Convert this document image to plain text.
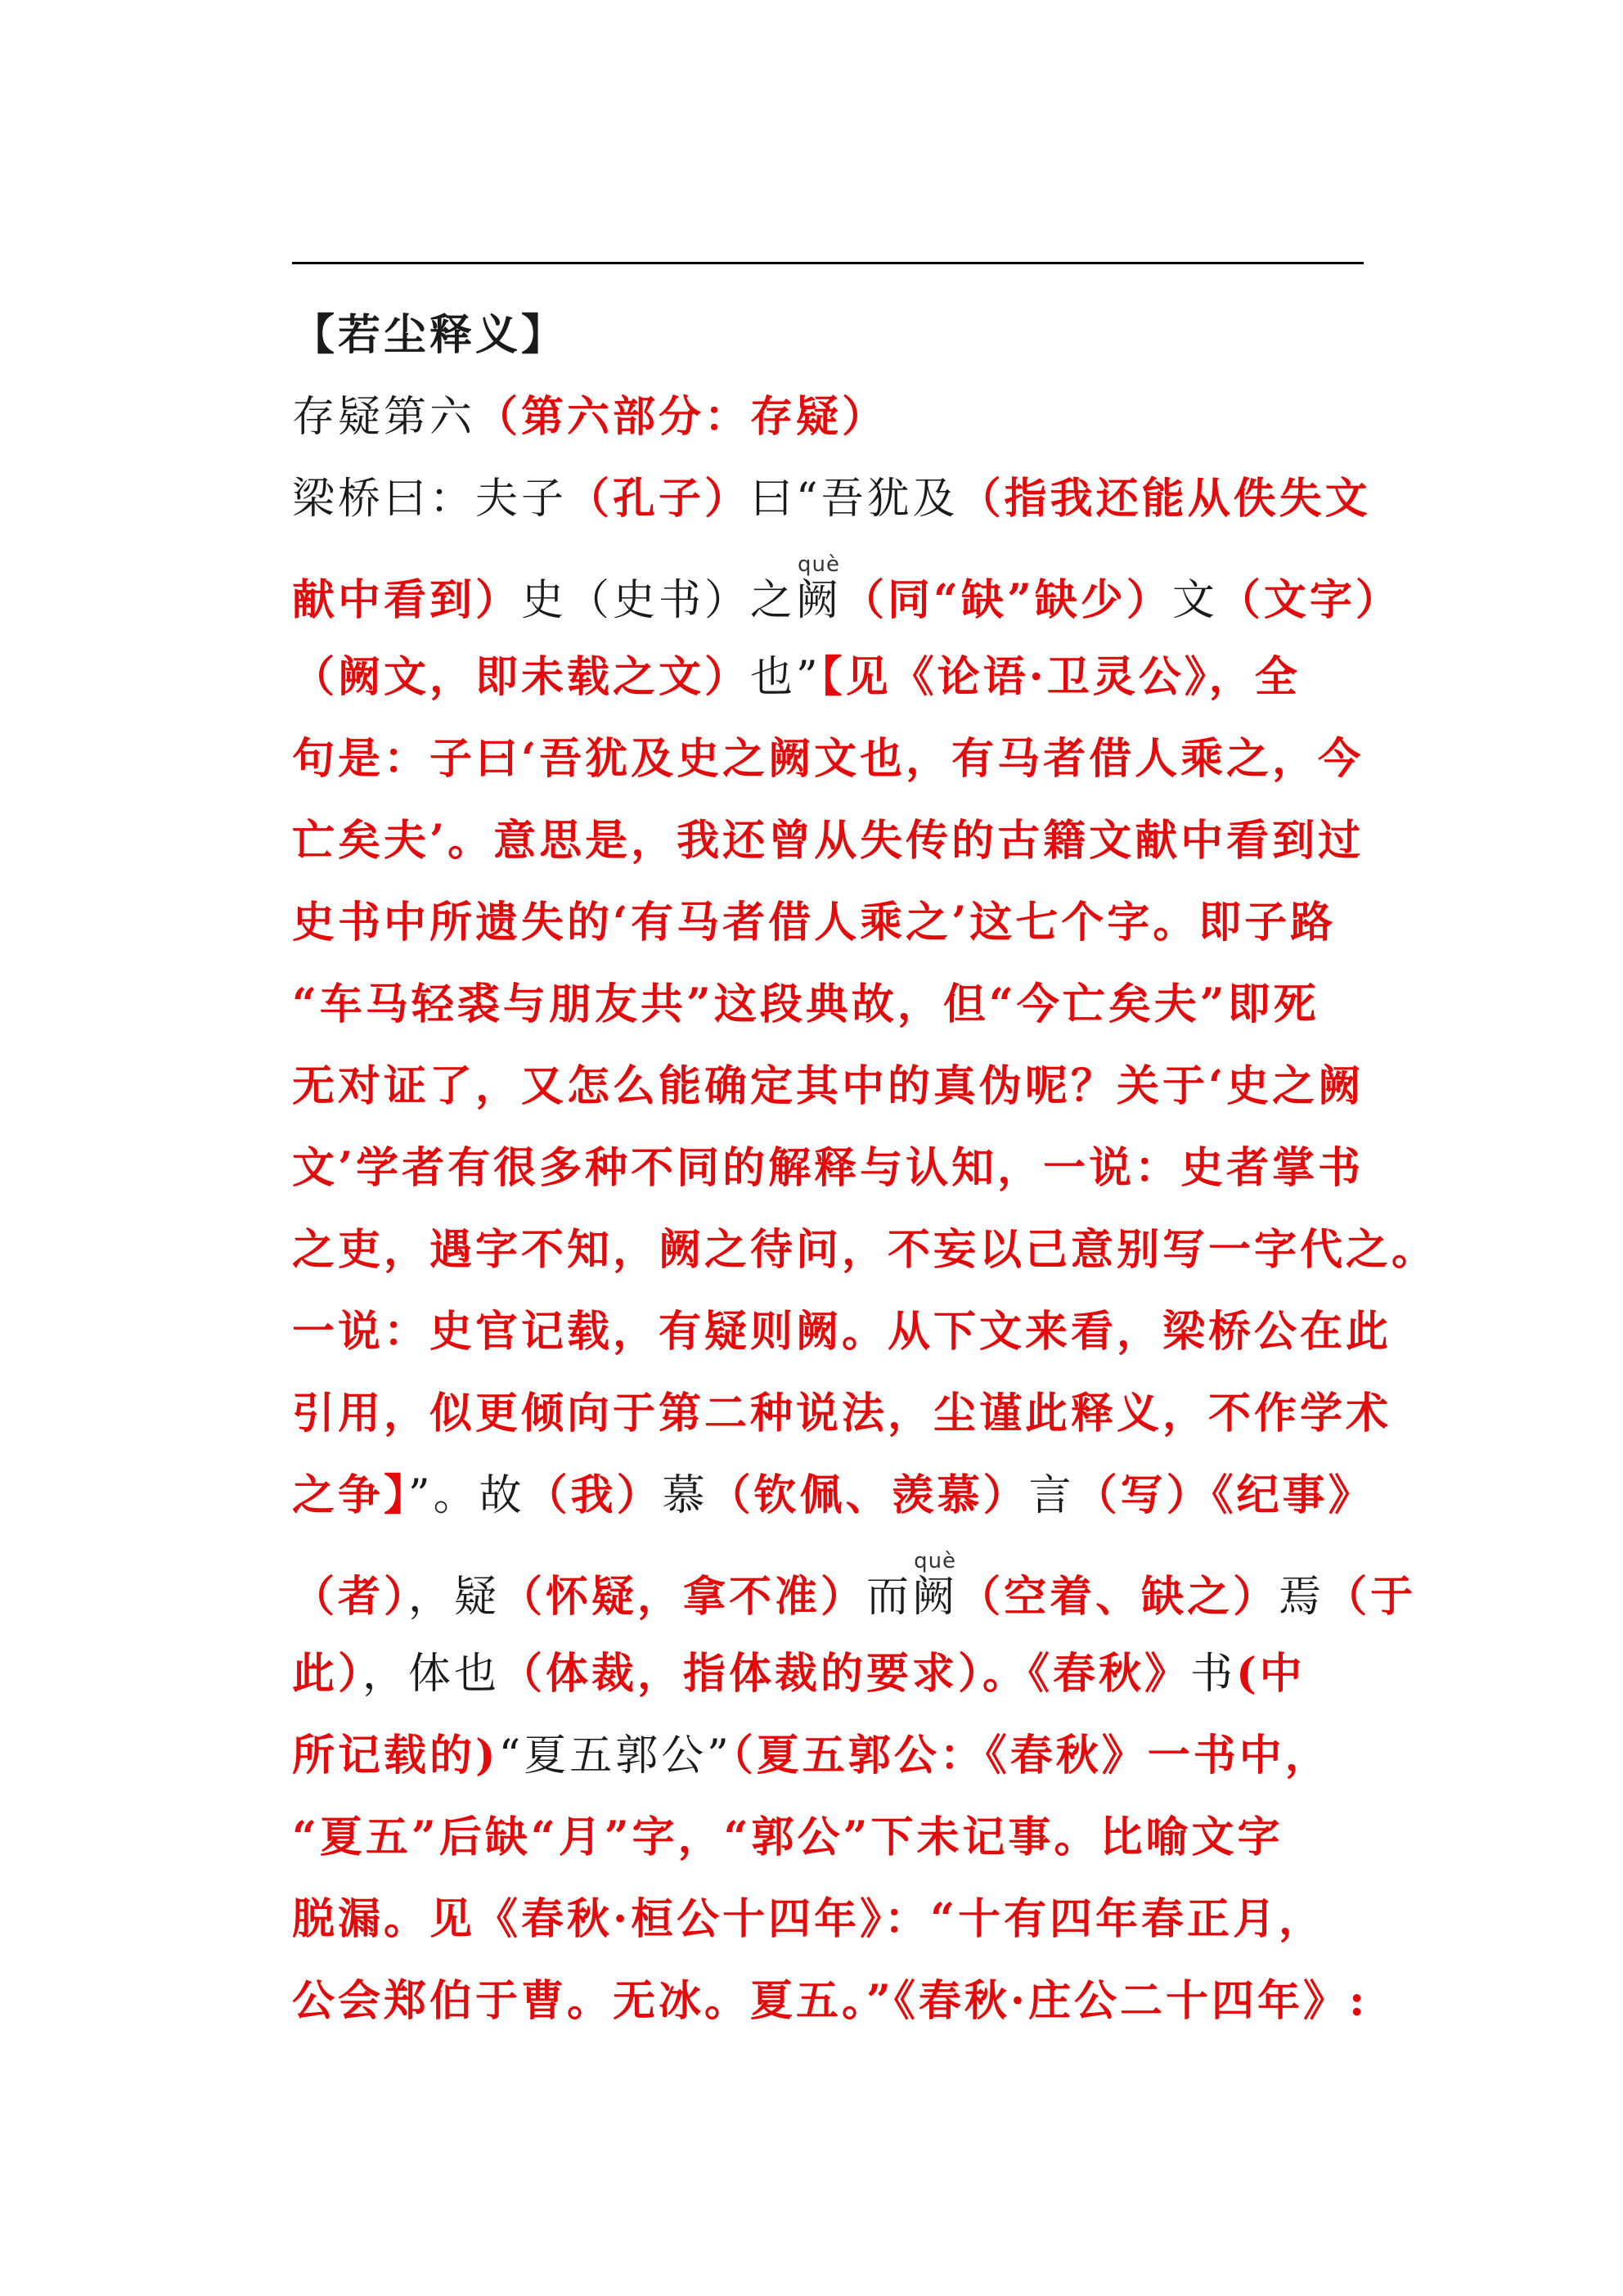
【若尘释义】
存疑第六（第六部分：存疑）
梁桥曰：夫子（孔子）曰“吾犹及（指我还能从佚失文
献中看到）史（史书）之阙què（同“缺”缺少）文（文字）
（阙文，即未载之文）也”【见《论语·卫灵公》，全
句是：子曰‘吾犹及史之阙文也，有马者借人乘之，今
亡矣夫’。意思是，我还曾从失传的古籍文献中看到过
史书中所遗失的‘有马者借人乘之’这七个字。即子路
“车马轻裘与朋友共”这段典故，但“今亡矣夫”即死
无对证了，又怎么能确定其中的真伪呢？关于‘史之阙
文’学者有很多种不同的解释与认知，一说：史者掌书
之吏，遇字不知，阙之待问，不妄以己意别写一字代之。
一说：史官记载，有疑则阙。从下文来看，梁桥公在此
引用，似更倾向于第二种说法，尘谨此释义，不作学术
之争】”。故（我）慕（钦佩、羡慕）言（写）《纪事》
（者），疑（怀疑，拿不准）而阙què（空着、缺之）焉（于
此），体也（体裁，指体裁的要求）。《春秋》书(中
所记载的)“夏五郭公”（夏五郭公：《春秋》一书中，
“夏五”后缺“月”字，“郭公”下未记事。比喻文字
脱漏。见《春秋·桓公十四年》：“十有四年春正月，
公会郑伯于曹。无冰。夏五。”《春秋·庄公二十四年》:
